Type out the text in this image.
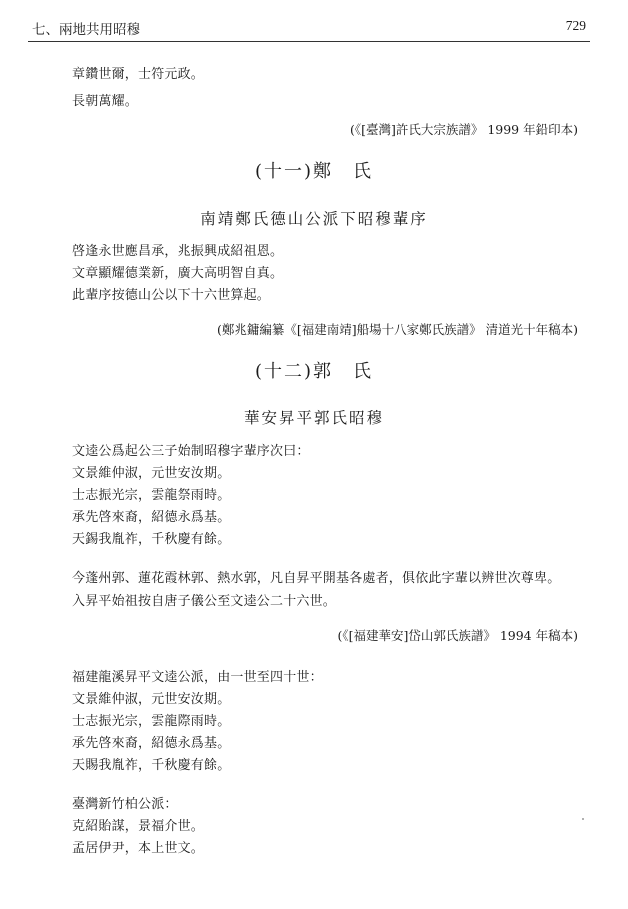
七、兩地共用昭穆	729
章鑽世爾，士符元政。
長朝萬耀。
(《[臺灣]許氏大宗族譜》 1999 年鉛印本)
(十一)鄭　氏
南靖鄭氏德山公派下昭穆輩序
啓逢永世應昌承，兆振興成紹祖恩。
文章顯耀德業新，廣大高明智自真。
此輩序按德山公以下十六世算起。
(鄭兆鏞編纂《[福建南靖]船場十八家鄭氏族譜》 清道光十年稿本)
(十二)郭　氏
華安昇平郭氏昭穆
文逵公爲起公三子始制昭穆字輩序次曰：
文景維仲淑，元世安汝期。
士志振光宗，雲龍祭雨時。
承先啓來裔，紹德永爲基。
天錫我胤祚，千秋慶有餘。
今蓬州郭、蓮花霞林郭、熱水郭，凡自昇平開基各處者，俱依此字輩以辨世次尊卑。
入昇平始祖按自唐子儀公至文逵公二十六世。
(《[福建華安]岱山郭氏族譜》 1994 年稿本)
福建龍溪昇平文逵公派，由一世至四十世：
文景維仲淑，元世安汝期。
士志振光宗，雲龍際雨時。
承先啓來裔，紹德永爲基。
天賜我胤祚，千秋慶有餘。
臺灣新竹柏公派：
克紹貽謀，景福介世。
孟居伊尹，本上世文。
